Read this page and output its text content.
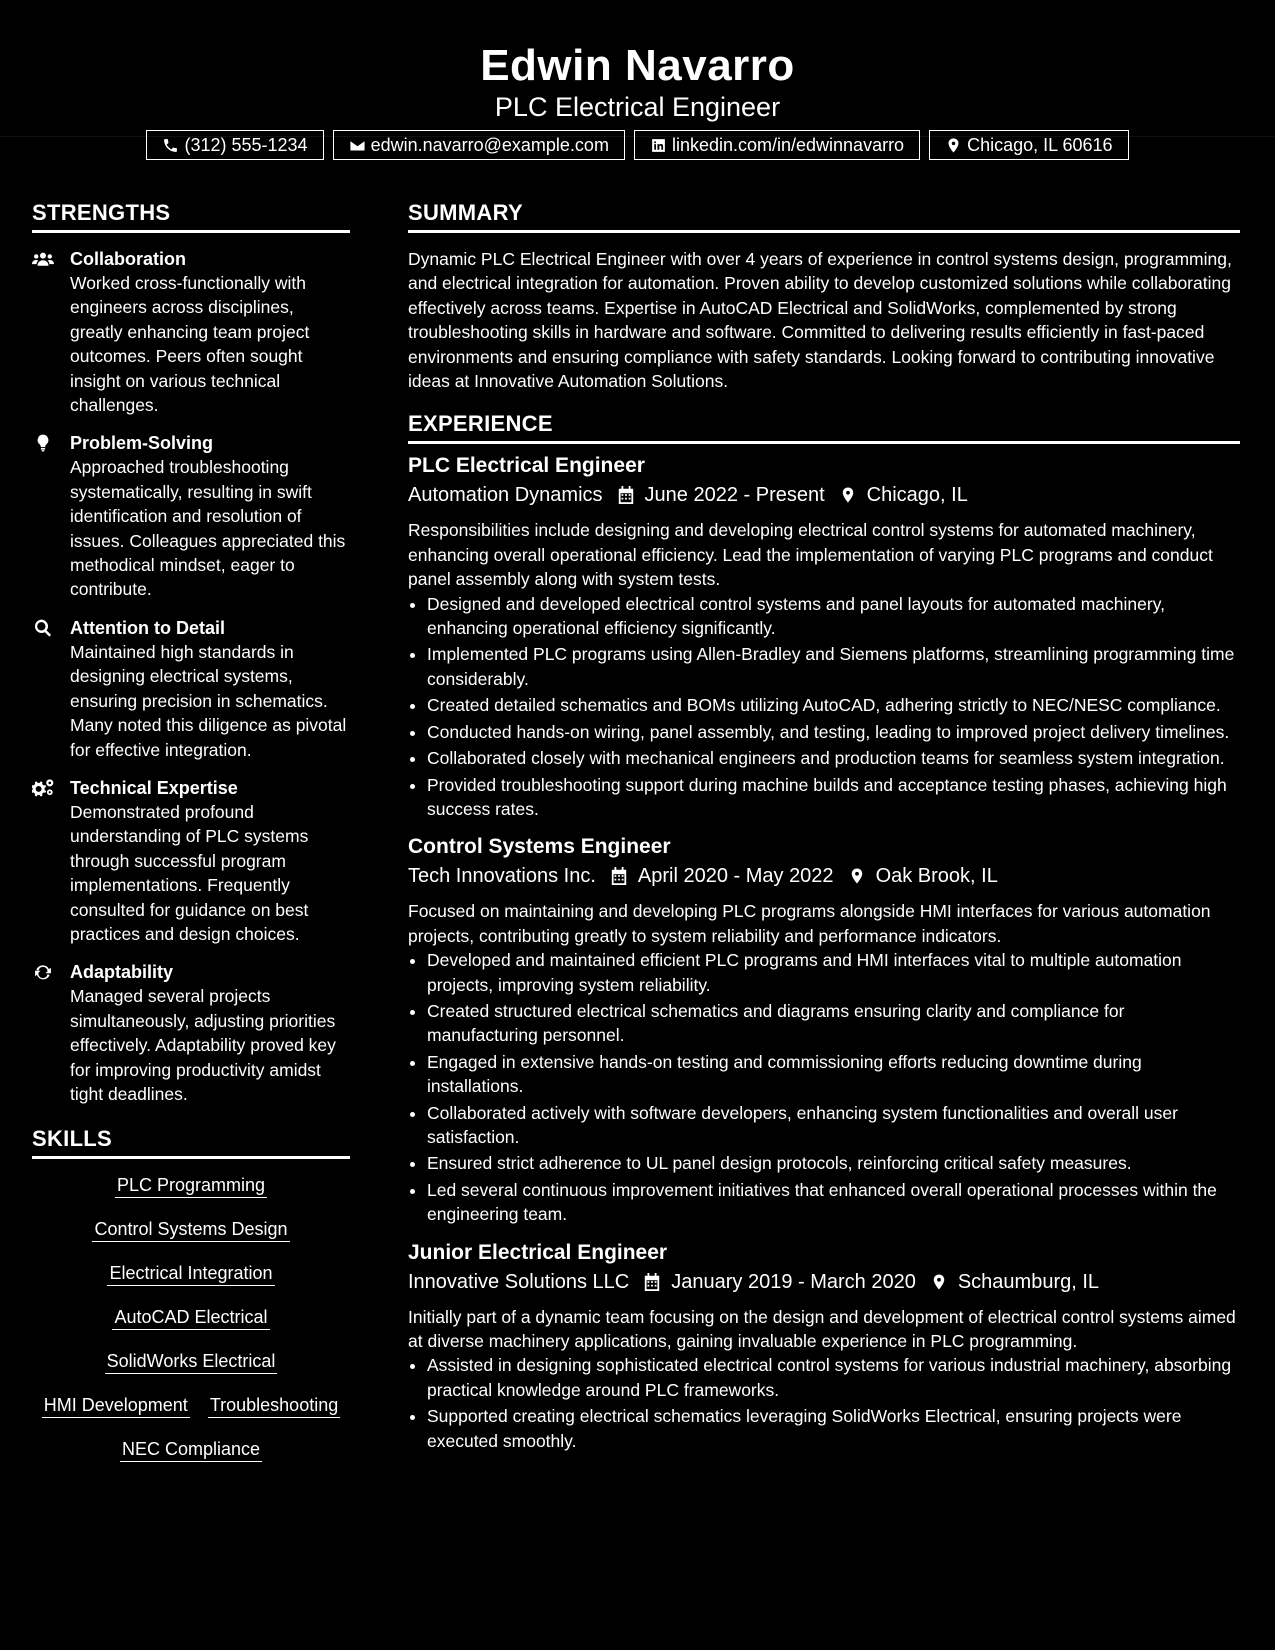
Edwin Navarro
PLC Electrical Engineer
(312) 555-1234	edwin.navarro@example.com	linkedin.com/in/edwinnavarro	Chicago, IL 60616
STRENGTHS
Collaboration
Worked cross-functionally with engineers across disciplines, greatly enhancing team project outcomes. Peers often sought insight on various technical challenges.
Problem-Solving
Approached troubleshooting systematically, resulting in swift identification and resolution of issues. Colleagues appreciated this methodical mindset, eager to contribute.
Attention to Detail
Maintained high standards in designing electrical systems, ensuring precision in schematics. Many noted this diligence as pivotal for effective integration.
Technical Expertise
Demonstrated profound understanding of PLC systems through successful program implementations. Frequently consulted for guidance on best practices and design choices.
Adaptability
Managed several projects simultaneously, adjusting priorities effectively. Adaptability proved key for improving productivity amidst tight deadlines.
SKILLS
PLC Programming
Control Systems Design
Electrical Integration
AutoCAD Electrical
SolidWorks Electrical
HMI Development Troubleshooting
NEC Compliance
SUMMARY
Dynamic PLC Electrical Engineer with over 4 years of experience in control systems design, programming, and electrical integration for automation. Proven ability to develop customized solutions while collaborating effectively across teams. Expertise in AutoCAD Electrical and SolidWorks, complemented by strong troubleshooting skills in hardware and software. Committed to delivering results efficiently in fast-paced environments and ensuring compliance with safety standards. Looking forward to contributing innovative ideas at Innovative Automation Solutions.
EXPERIENCE
PLC Electrical Engineer
Automation Dynamics June 2022 - Present Chicago, IL
Responsibilities include designing and developing electrical control systems for automated machinery, enhancing overall operational efficiency. Lead the implementation of varying PLC programs and conduct panel assembly along with system tests.
• Designed and developed electrical control systems and panel layouts for automated machinery, enhancing operational efficiency significantly.
• Implemented PLC programs using Allen-Bradley and Siemens platforms, streamlining programming time considerably.
• Created detailed schematics and BOMs utilizing AutoCAD, adhering strictly to NEC/NESC compliance.
• Conducted hands-on wiring, panel assembly, and testing, leading to improved project delivery timelines.
• Collaborated closely with mechanical engineers and production teams for seamless system integration.
• Provided troubleshooting support during machine builds and acceptance testing phases, achieving high success rates.
Control Systems Engineer
Tech Innovations Inc. April 2020 - May 2022 Oak Brook, IL
Focused on maintaining and developing PLC programs alongside HMI interfaces for various automation projects, contributing greatly to system reliability and performance indicators.
• Developed and maintained efficient PLC programs and HMI interfaces vital to multiple automation projects, improving system reliability.
• Created structured electrical schematics and diagrams ensuring clarity and compliance for manufacturing personnel.
• Engaged in extensive hands-on testing and commissioning efforts reducing downtime during installations.
• Collaborated actively with software developers, enhancing system functionalities and overall user satisfaction.
• Ensured strict adherence to UL panel design protocols, reinforcing critical safety measures.
• Led several continuous improvement initiatives that enhanced overall operational processes within the engineering team.
Junior Electrical Engineer
Innovative Solutions LLC January 2019 - March 2020 Schaumburg, IL
Initially part of a dynamic team focusing on the design and development of electrical control systems aimed at diverse machinery applications, gaining invaluable experience in PLC programming.
• Assisted in designing sophisticated electrical control systems for various industrial machinery, absorbing practical knowledge around PLC frameworks.
• Supported creating electrical schematics leveraging SolidWorks Electrical, ensuring projects were executed smoothly.
